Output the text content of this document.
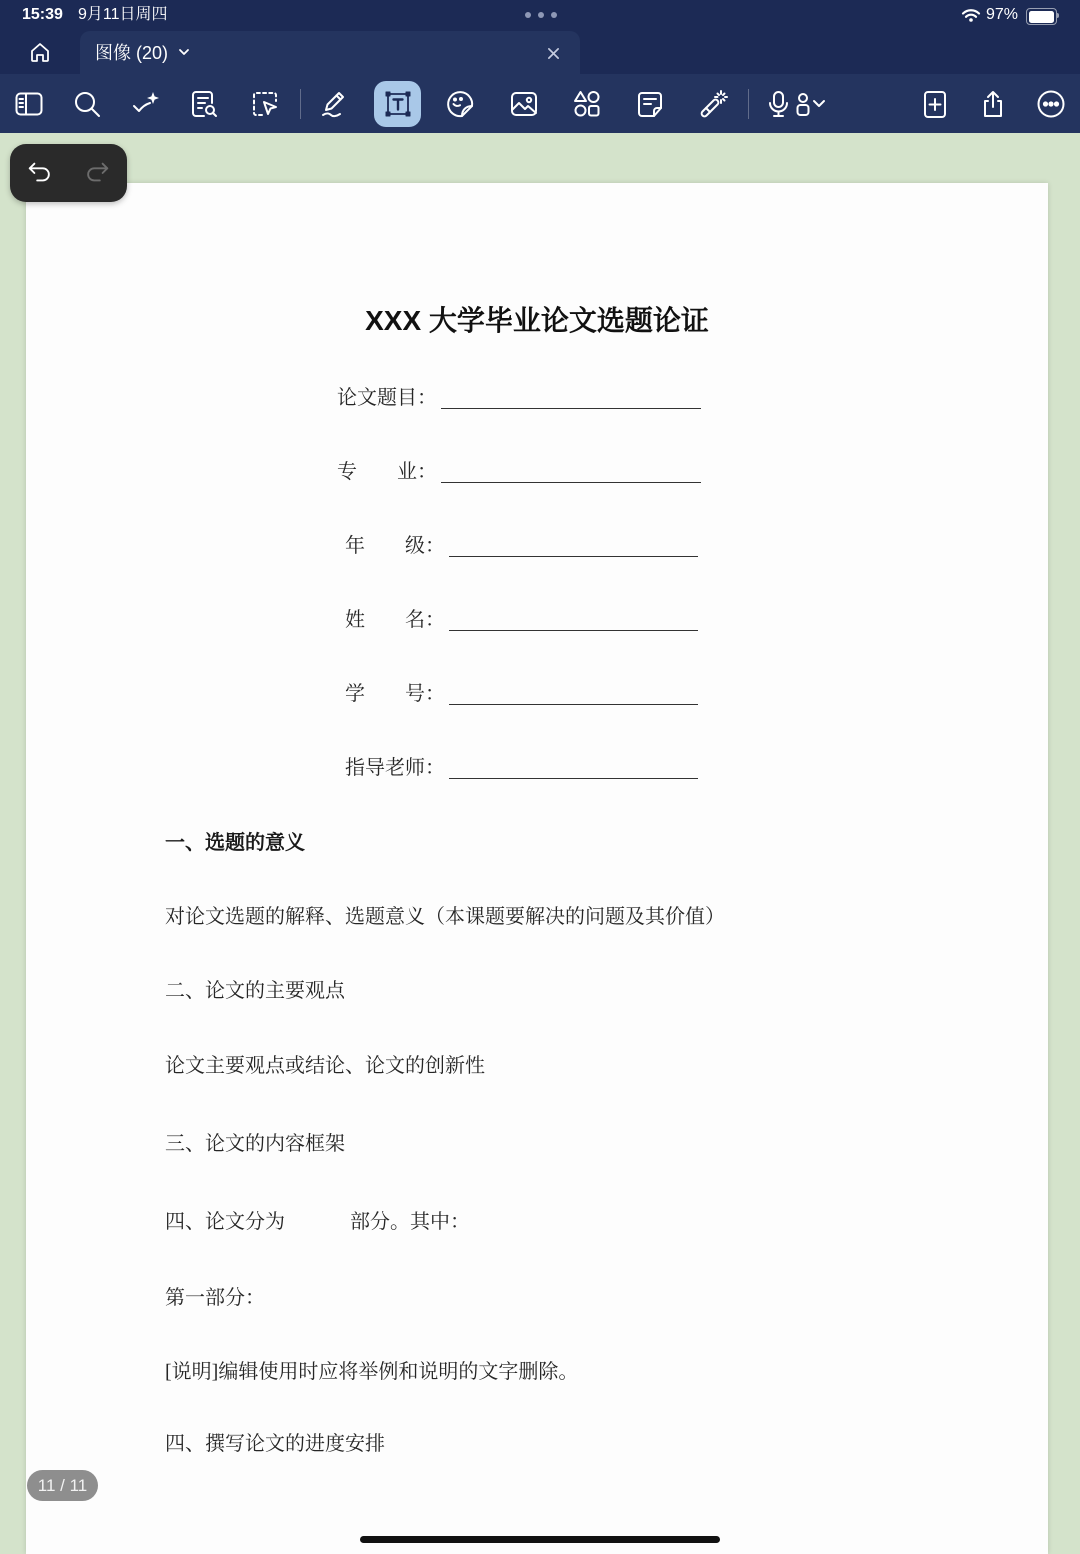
15:39 9月11日周四	97%
图像 (20)
XXX 大学毕业论文选题论证
论文题目：
专　　业：
年　　级：
姓　　名：
学　　号：
指导老师：
一、选题的意义
对论文选题的解释、选题意义（本课题要解决的问题及其价值）
二、论文的主要观点
论文主要观点或结论、论文的创新性
三、论文的内容框架
四、论文分为	部分。其中：
第一部分：
[说明]编辑使用时应将举例和说明的文字删除。
四、撰写论文的进度安排
11 / 11
